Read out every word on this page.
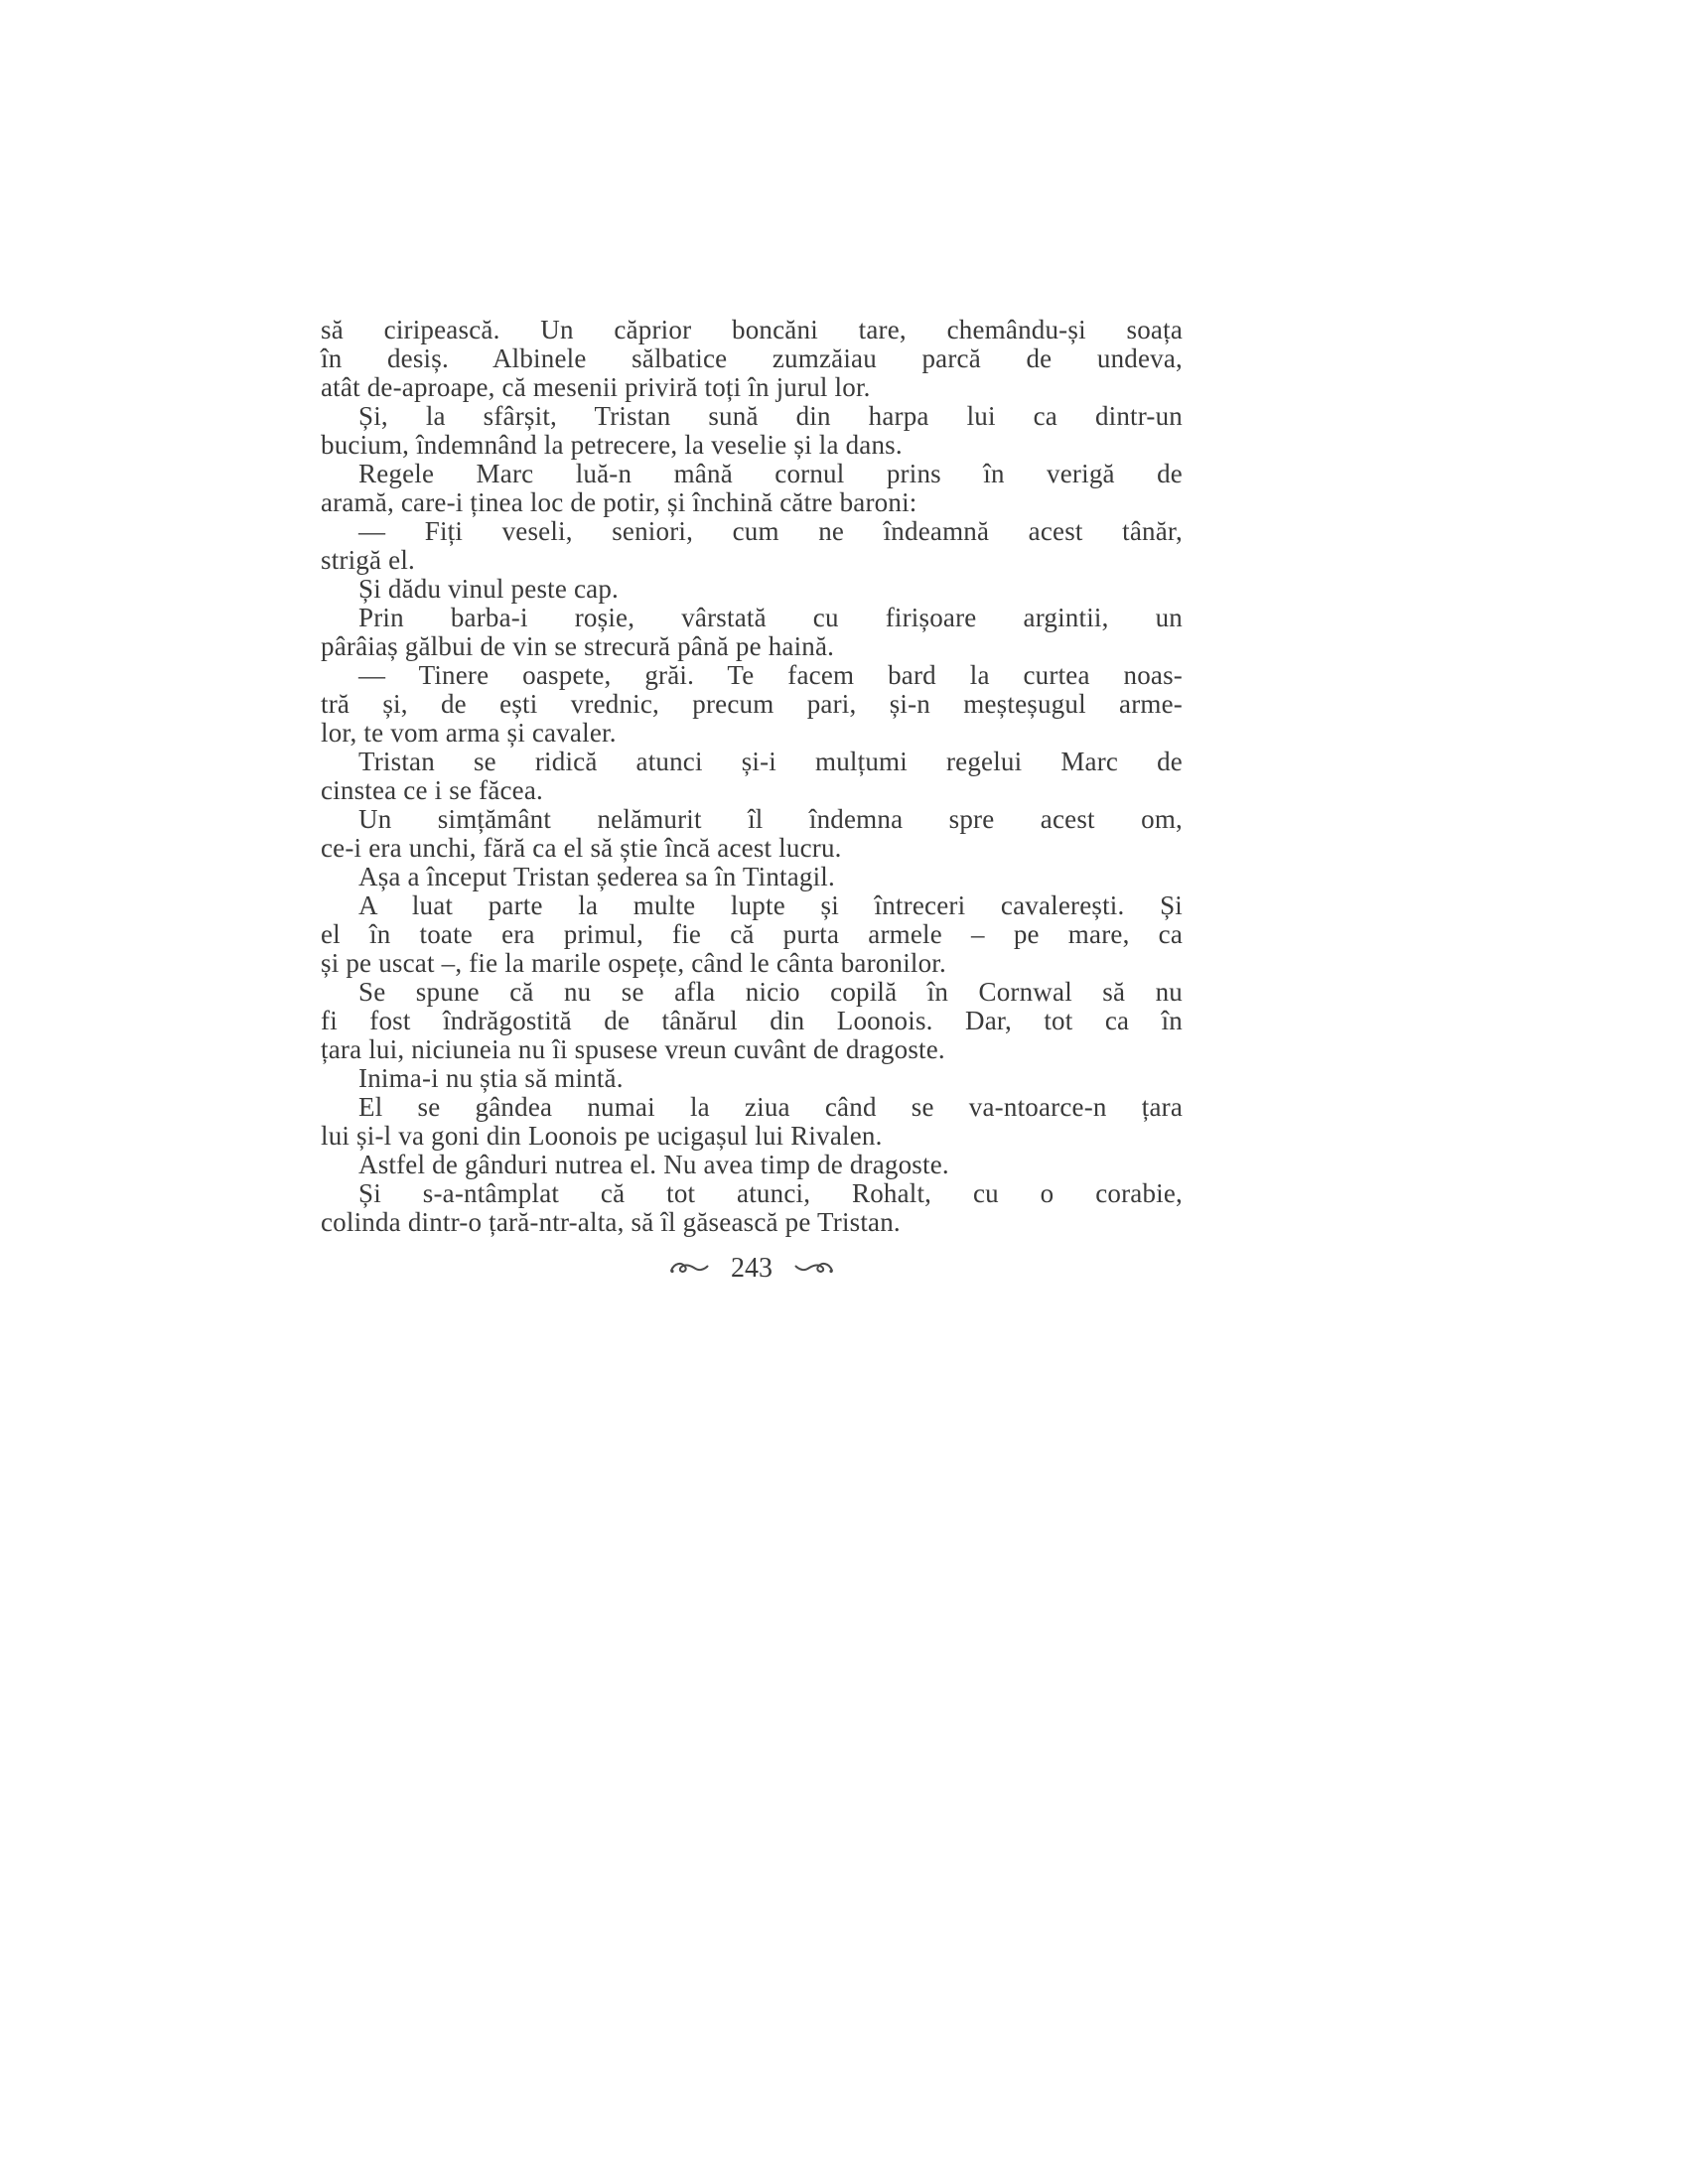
să ciripească. Un căprior boncăni tare, chemându-și soața
în desiș. Albinele sălbatice zumzăiau parcă de undeva,
atât de-aproape, că mesenii priviră toți în jurul lor.
Și, la sfârșit, Tristan sună din harpa lui ca dintr-un
bucium, îndemnând la petrecere, la veselie și la dans.
Regele Marc luă-n mână cornul prins în verigă de
aramă, care-i ținea loc de potir, și închină către baroni:
— Fiți veseli, seniori, cum ne îndeamnă acest tânăr,
strigă el.
Și dădu vinul peste cap.
Prin barba-i roșie, vârstată cu firișoare argintii, un
pârâiaș gălbui de vin se strecură până pe haină.
— Tinere oaspete, grăi. Te facem bard la curtea noas-
tră și, de ești vrednic, precum pari, și-n meșteșugul arme-
lor, te vom arma și cavaler.
Tristan se ridică atunci și-i mulțumi regelui Marc de
cinstea ce i se făcea.
Un simțământ nelămurit îl îndemna spre acest om,
ce-i era unchi, fără ca el să știe încă acest lucru.
Așa a început Tristan șederea sa în Tintagil.
A luat parte la multe lupte și întreceri cavalerești. Și
el în toate era primul, fie că purta armele – pe mare, ca
și pe uscat –, fie la marile ospețe, când le cânta baronilor.
Se spune că nu se afla nicio copilă în Cornwal să nu
fi fost îndrăgostită de tânărul din Loonois. Dar, tot ca în
țara lui, niciuneia nu îi spusese vreun cuvânt de dragoste.
Inima-i nu știa să mintă.
El se gândea numai la ziua când se va-ntoarce-n țara
lui și-l va goni din Loonois pe ucigașul lui Rivalen.
Astfel de gânduri nutrea el. Nu avea timp de dragoste.
Și s-a-ntâmplat că tot atunci, Rohalt, cu o corabie,
colinda dintr-o țară-ntr-alta, să îl găsească pe Tristan.
243
